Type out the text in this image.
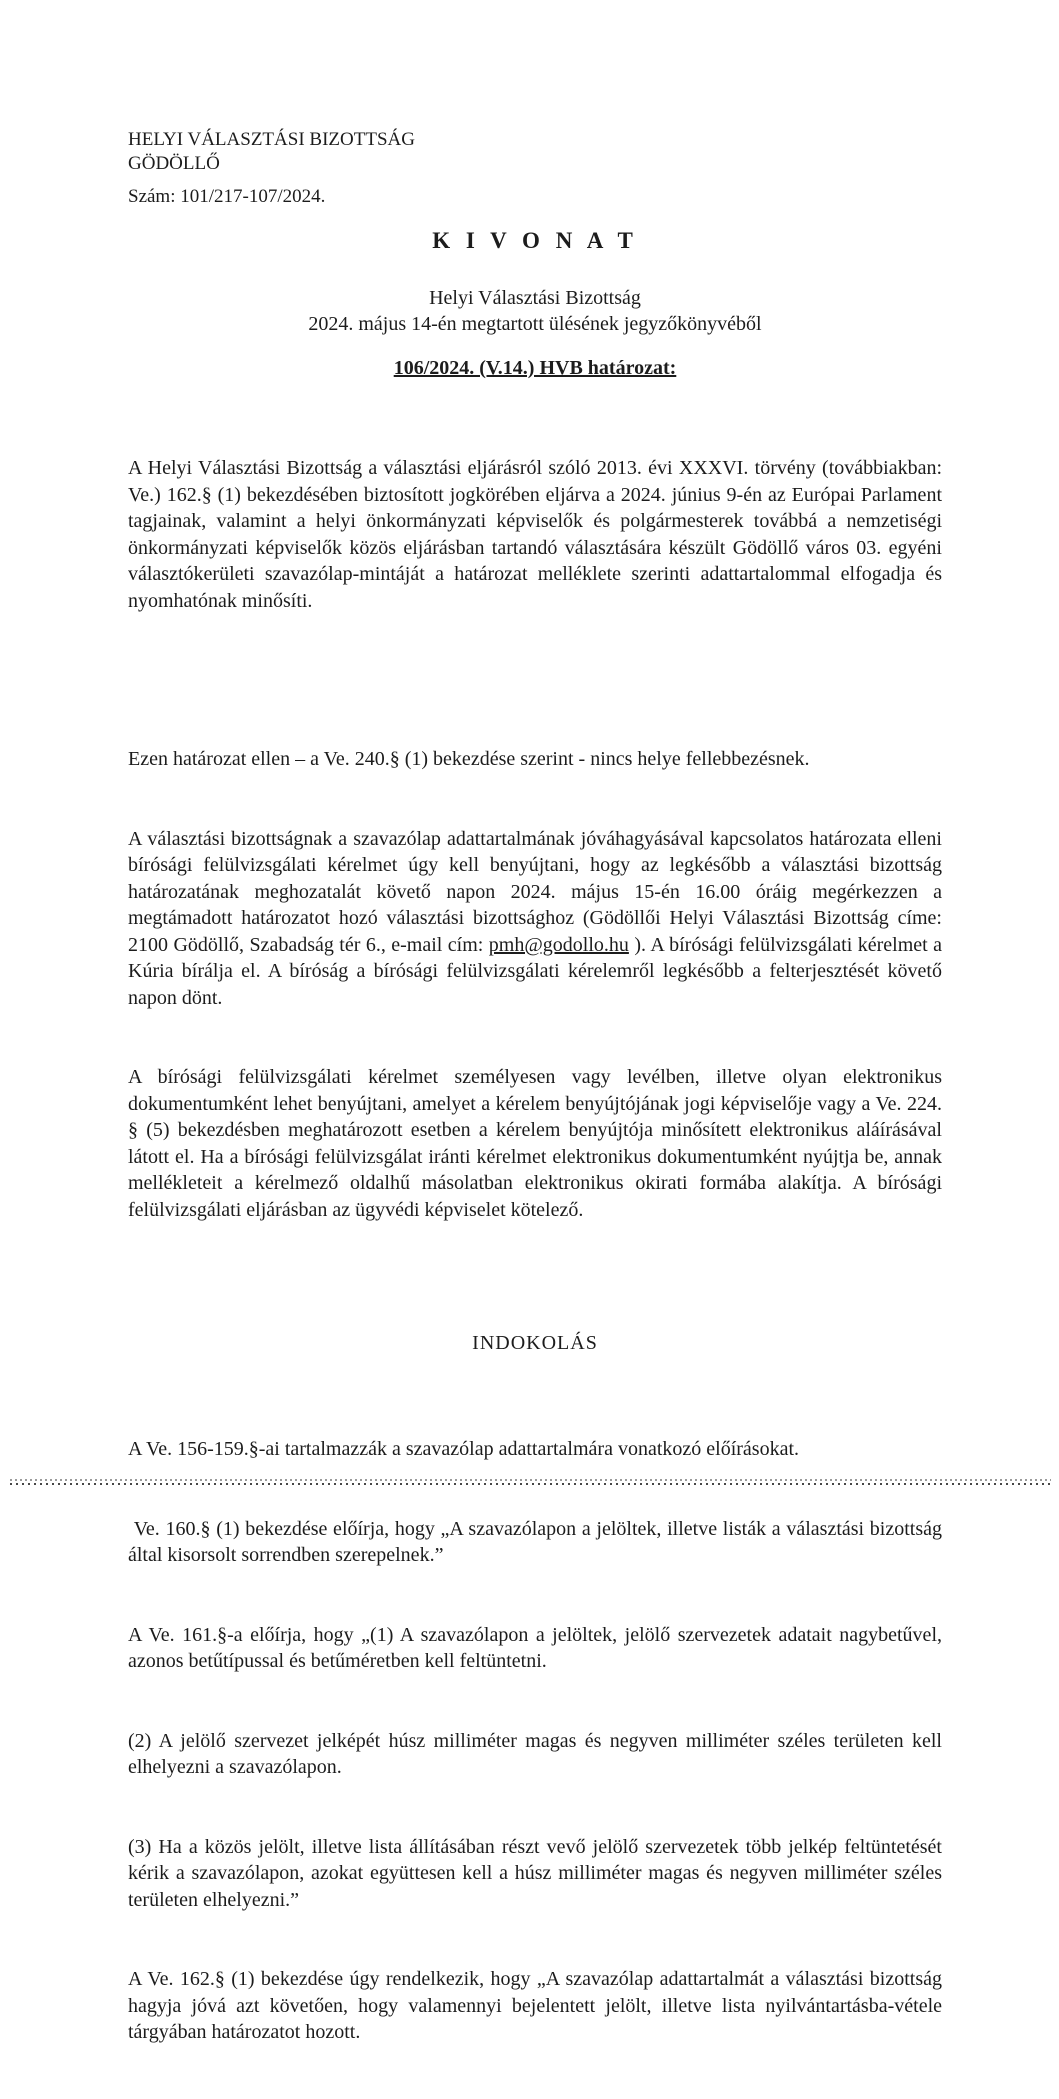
HELYI VÁLASZTÁSI BIZOTTSÁG
GÖDÖLLŐ
Szám: 101/217-107/2024.
K I V O N A T
Helyi Választási Bizottság
2024. május 14-én megtartott ülésének jegyzőkönyvéből
106/2024. (V.14.) HVB határozat:

A Helyi Választási Bizottság a választási eljárásról szóló 2013. évi XXXVI. törvény (továbbiakban: Ve.) 162.§ (1) bekezdésében biztosított jogkörében eljárva a 2024. június 9-én az Európai Parlament tagjainak, valamint a helyi önkormányzati képviselők és polgármesterek továbbá a nemzetiségi önkormányzati képviselők közös eljárásban tartandó választására készült Gödöllő város 03. egyéni választókerületi szavazólap-mintáját a határozat melléklete szerinti adattartalommal elfogadja és nyomhatónak minősíti.

Ezen határozat ellen – a Ve. 240.§ (1) bekezdése szerint - nincs helye fellebbezésnek.

A választási bizottságnak a szavazólap adattartalmának jóváhagyásával kapcsolatos határozata elleni bírósági felülvizsgálati kérelmet úgy kell benyújtani, hogy az legkésőbb a választási bizottság határozatának meghozatalát követő napon 2024. május 15-én 16.00 óráig megérkezzen a megtámadott határozatot hozó választási bizottsághoz (Gödöllői Helyi Választási Bizottság címe: 2100 Gödöllő, Szabadság tér 6., e-mail cím: pmh@godollo.hu ). A bírósági felülvizsgálati kérelmet a Kúria bírálja el. A bíróság a bírósági felülvizsgálati kérelemről legkésőbb a felterjesztését követő napon dönt.

A bírósági felülvizsgálati kérelmet személyesen vagy levélben, illetve olyan elektronikus dokumentumként lehet benyújtani, amelyet a kérelem benyújtójának jogi képviselője vagy a Ve. 224. § (5) bekezdésben meghatározott esetben a kérelem benyújtója minősített elektronikus aláírásával látott el. Ha a bírósági felülvizsgálat iránti kérelmet elektronikus dokumentumként nyújtja be, annak mellékleteit a kérelmező oldalhű másolatban elektronikus okirati formába alakítja. A bírósági felülvizsgálati eljárásban az ügyvédi képviselet kötelező.

INDOKOLÁS

A Ve. 156-159.§-ai tartalmazzák a szavazólap adattartalmára vonatkozó előírásokat.

Ve. 160.§ (1) bekezdése előírja, hogy „A szavazólapon a jelöltek, illetve listák a választási bizottság által kisorsolt sorrendben szerepelnek.”

A Ve. 161.§-a előírja, hogy „(1) A szavazólapon a jelöltek, jelölő szervezetek adatait nagybetűvel, azonos betűtípussal és betűméretben kell feltüntetni.

(2) A jelölő szervezet jelképét húsz milliméter magas és negyven milliméter széles területen kell elhelyezni a szavazólapon.

(3) Ha a közös jelölt, illetve lista állításában részt vevő jelölő szervezetek több jelkép feltüntetését kérik a szavazólapon, azokat együttesen kell a húsz milliméter magas és negyven milliméter széles területen elhelyezni.”

A Ve. 162.§ (1) bekezdése úgy rendelkezik, hogy „A szavazólap adattartalmát a választási bizottság hagyja jóvá azt követően, hogy valamennyi bejelentett jelölt, illetve lista nyilvántartásba-vétele tárgyában határozatot hozott.
